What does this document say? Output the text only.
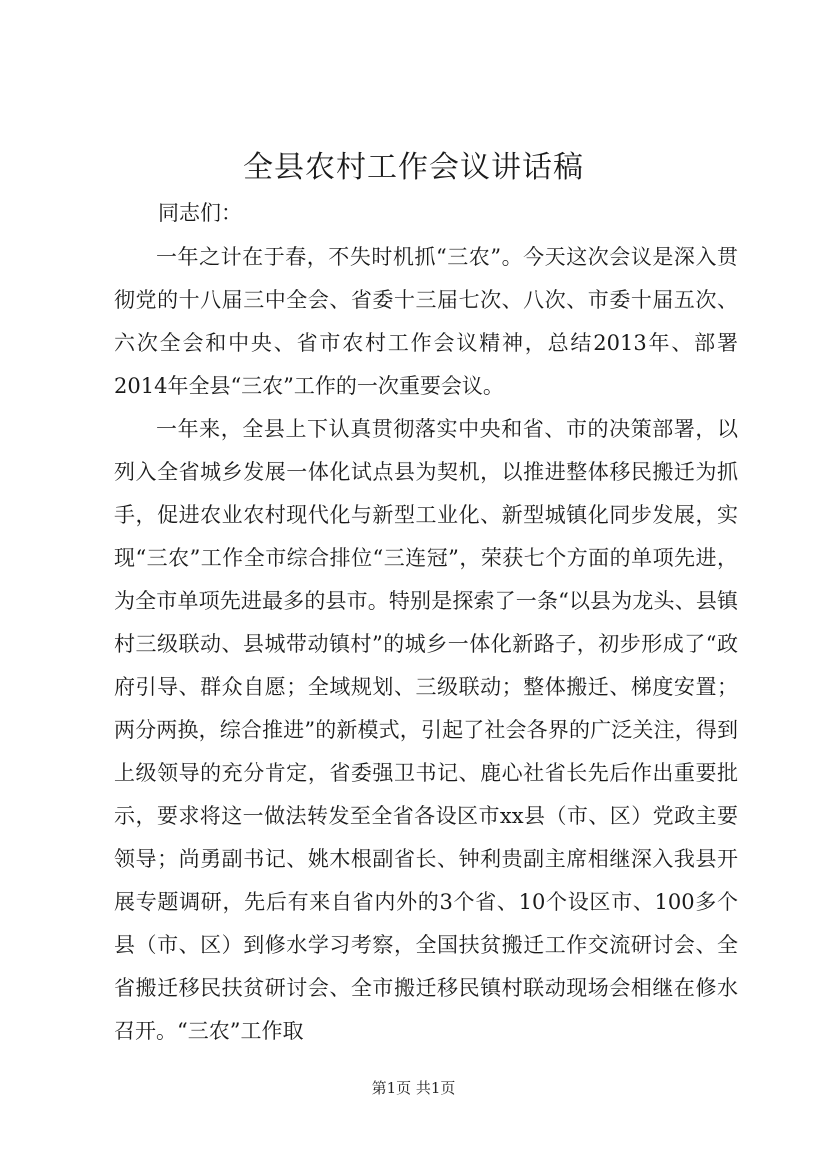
全县农村工作会议讲话稿
同志们：

一年之计在于春，不失时机抓“三农”。今天这次会议是深入贯彻党的十八届三中全会、省委十三届七次、八次、市委十届五次、六次全会和中央、省市农村工作会议精神，总结2013年、部署2014年全县“三农”工作的一次重要会议。

一年来，全县上下认真贯彻落实中央和省、市的决策部署，以列入全省城乡发展一体化试点县为契机，以推进整体移民搬迁为抓手，促进农业农村现代化与新型工业化、新型城镇化同步发展，实现“三农”工作全市综合排位“三连冠”，荣获七个方面的单项先进，为全市单项先进最多的县市。特别是探索了一条“以县为龙头、县镇村三级联动、县城带动镇村”的城乡一体化新路子，初步形成了“政府引导、群众自愿；全域规划、三级联动；整体搬迁、梯度安置；两分两换，综合推进”的新模式，引起了社会各界的广泛关注，得到上级领导的充分肯定，省委强卫书记、鹿心社省长先后作出重要批示，要求将这一做法转发至全省各设区市xx县（市、区）党政主要领导；尚勇副书记、姚木根副省长、钟利贵副主席相继深入我县开展专题调研，先后有来自省内外的3个省、10个设区市、100多个县（市、区）到修水学习考察，全国扶贫搬迁工作交流研讨会、全省搬迁移民扶贫研讨会、全市搬迁移民镇村联动现场会相继在修水召开。“三农”工作取

第1页 共1页
